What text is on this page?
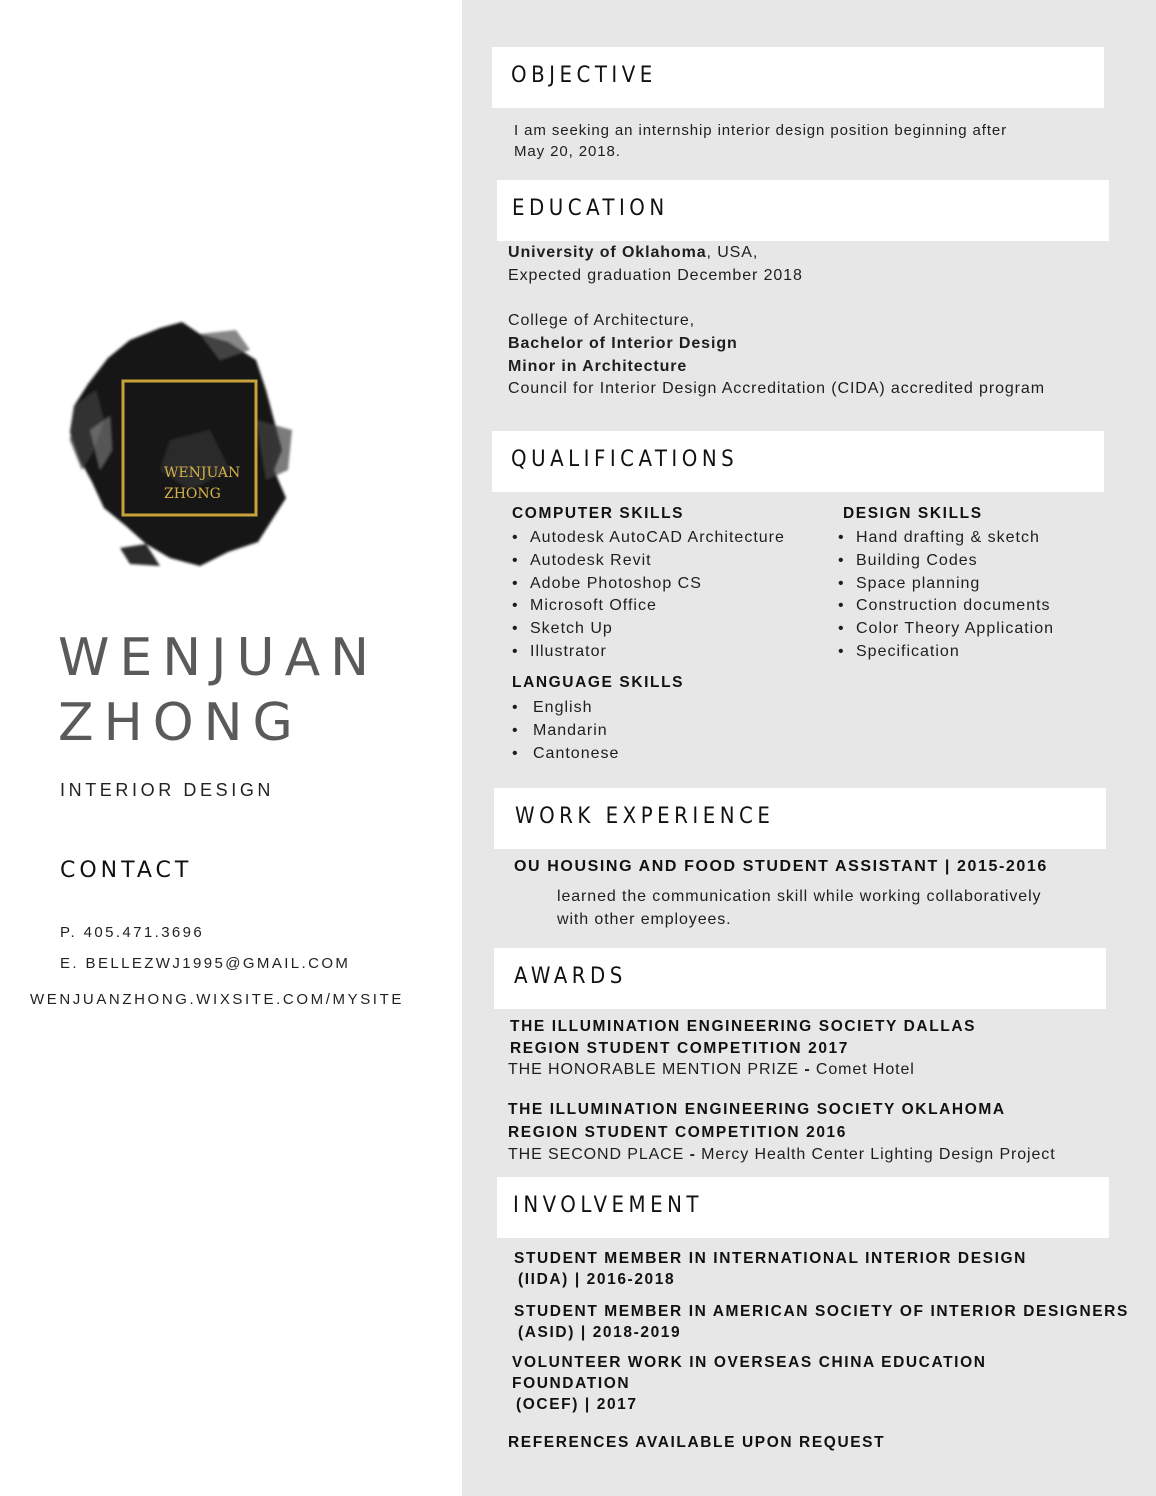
WENJUAN
ZHONG
WENJUAN
ZHONG
INTERIOR DESIGN
CONTACT
P. 405.471.3696
E. BELLEZWJ1995@GMAIL.COM
WENJUANZHONG.WIXSITE.COM/MYSITE
OBJECTIVE
I am seeking an internship interior design position beginning after
May 20, 2018.
EDUCATION
University of Oklahoma, USA,
Expected graduation December 2018
College of Architecture,
Bachelor of Interior Design
Minor in Architecture
Council for Interior Design Accreditation (CIDA) accredited program
QUALIFICATIONS
COMPUTER SKILLS
• Autodesk AutoCAD Architecture
• Autodesk Revit
• Adobe Photoshop CS
• Microsoft Office
• Sketch Up
• Illustrator
DESIGN SKILLS
• Hand drafting & sketch
• Building Codes
• Space planning
• Construction documents
• Color Theory Application
• Specification
LANGUAGE SKILLS
• English
• Mandarin
• Cantonese
WORK EXPERIENCE
OU HOUSING AND FOOD STUDENT ASSISTANT | 2015-2016
learned the communication skill while working collaboratively
with other employees.
AWARDS
THE ILLUMINATION ENGINEERING SOCIETY DALLAS
REGION STUDENT COMPETITION 2017
THE HONORABLE MENTION PRIZE - Comet Hotel
THE ILLUMINATION ENGINEERING SOCIETY OKLAHOMA
REGION STUDENT COMPETITION 2016
THE SECOND PLACE - Mercy Health Center Lighting Design Project
INVOLVEMENT
STUDENT MEMBER IN INTERNATIONAL INTERIOR DESIGN
(IIDA) | 2016-2018
STUDENT MEMBER IN AMERICAN SOCIETY OF INTERIOR DESIGNERS
(ASID) | 2018-2019
VOLUNTEER WORK IN OVERSEAS CHINA EDUCATION
FOUNDATION
(OCEF) | 2017
REFERENCES AVAILABLE UPON REQUEST
